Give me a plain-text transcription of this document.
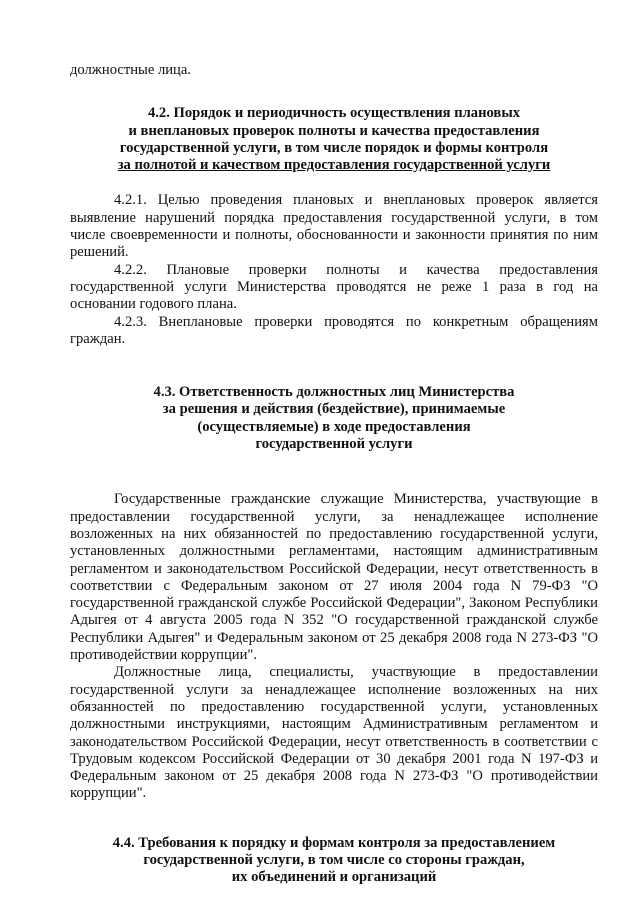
должностные лица.

4.2. Порядок и периодичность осуществления плановых

и внеплановых проверок полноты и качества предоставления

государственной услуги, в том числе порядок и формы контроля

за полнотой и качеством предоставления государственной услуги

4.2.1. Целью проведения плановых и внеплановых проверок является выявление нарушений порядка предоставления государственной услуги, в том числе своевременности и полноты, обоснованности и законности принятия по ним решений.

4.2.2. Плановые проверки полноты и качества предоставления государственной услуги Министерства проводятся не реже 1 раза в год на основании годового плана.

4.2.3. Внеплановые проверки проводятся по конкретным обращениям граждан.

4.3. Ответственность должностных лиц Министерства

за решения и действия (бездействие), принимаемые

(осуществляемые) в ходе предоставления

государственной услуги

Государственные гражданские служащие Министерства, участвующие в предоставлении государственной услуги, за ненадлежащее исполнение возложенных на них обязанностей по предоставлению государственной услуги, установленных должностными регламентами, настоящим административным регламентом и законодательством Российской Федерации, несут ответственность в соответствии с Федеральным законом от 27 июля 2004 года N 79-ФЗ "О государственной гражданской службе Российской Федерации", Законом Республики Адыгея от 4 августа 2005 года N 352 "О государственной гражданской службе Республики Адыгея" и Федеральным законом от 25 декабря 2008 года N 273-ФЗ "О противодействии коррупции".

Должностные лица, специалисты, участвующие в предоставлении государственной услуги за ненадлежащее исполнение возложенных на них обязанностей по предоставлению государственной услуги, установленных должностными инструкциями, настоящим Административным регламентом и законодательством Российской Федерации, несут ответственность в соответствии с Трудовым кодексом Российской Федерации от 30 декабря 2001 года N 197-ФЗ и Федеральным законом от 25 декабря 2008 года N 273-ФЗ "О противодействии коррупции".

4.4. Требования к порядку и формам контроля за предоставлением

государственной услуги, в том числе со стороны граждан,

их объединений и организаций
